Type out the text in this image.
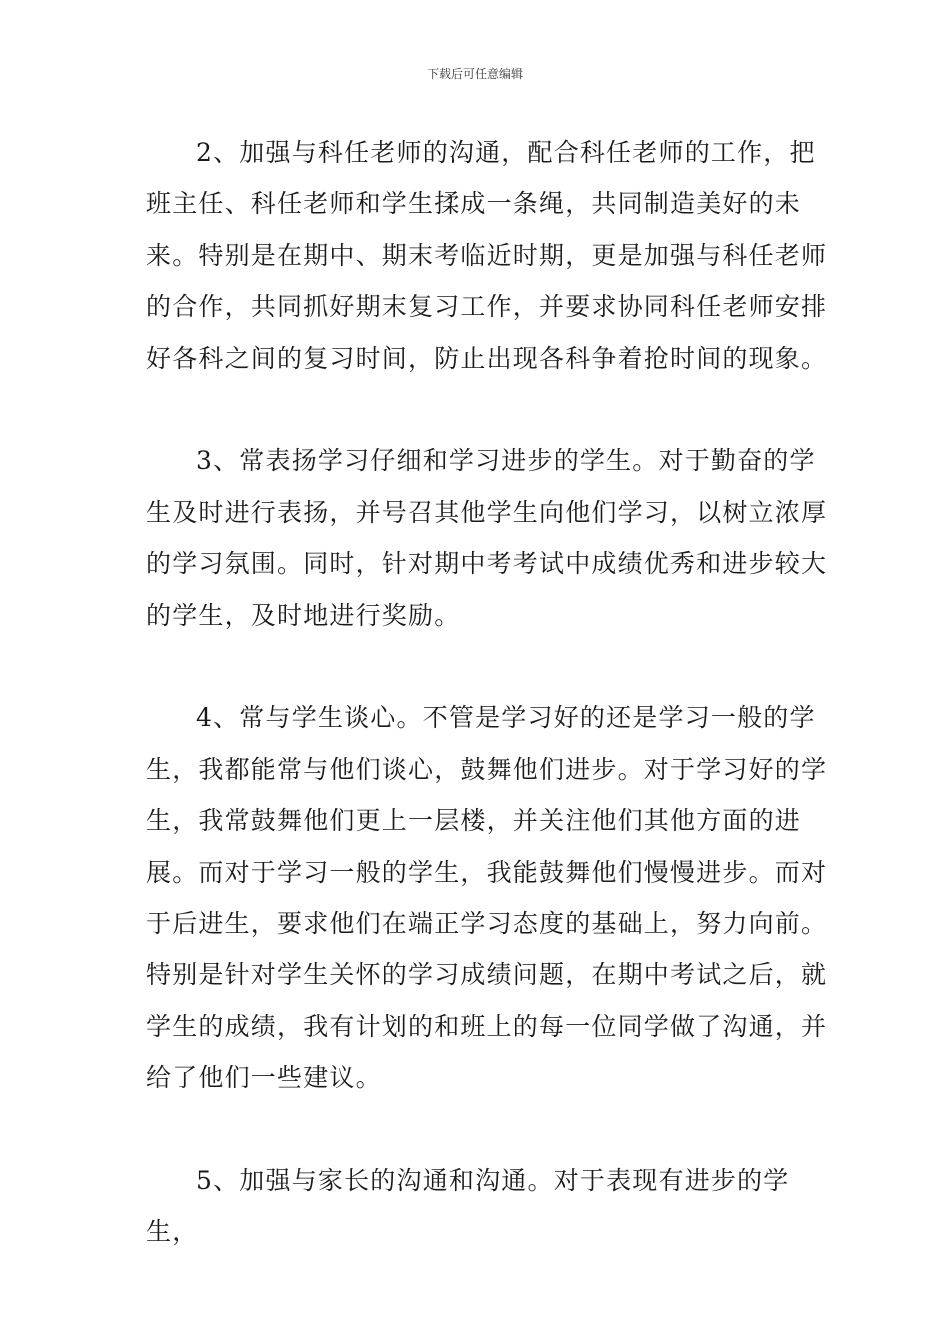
下载后可任意编辑

2、加强与科任老师的沟通，配合科任老师的工作，把班主任、科任老师和学生揉成一条绳，共同制造美好的未来。特别是在期中、期末考临近时期，更是加强与科任老师的合作，共同抓好期末复习工作，并要求协同科任老师安排好各科之间的复习时间，防止出现各科争着抢时间的现象。

3、常表扬学习仔细和学习进步的学生。对于勤奋的学生及时进行表扬，并号召其他学生向他们学习，以树立浓厚的学习氛围。同时，针对期中考考试中成绩优秀和进步较大的学生，及时地进行奖励。

4、常与学生谈心。不管是学习好的还是学习一般的学生，我都能常与他们谈心，鼓舞他们进步。对于学习好的学生，我常鼓舞他们更上一层楼，并关注他们其他方面的进展。而对于学习一般的学生，我能鼓舞他们慢慢进步。而对于后进生，要求他们在端正学习态度的基础上，努力向前。特别是针对学生关怀的学习成绩问题，在期中考试之后，就学生的成绩，我有计划的和班上的每一位同学做了沟通，并给了他们一些建议。

5、加强与家长的沟通和沟通。对于表现有进步的学生，
